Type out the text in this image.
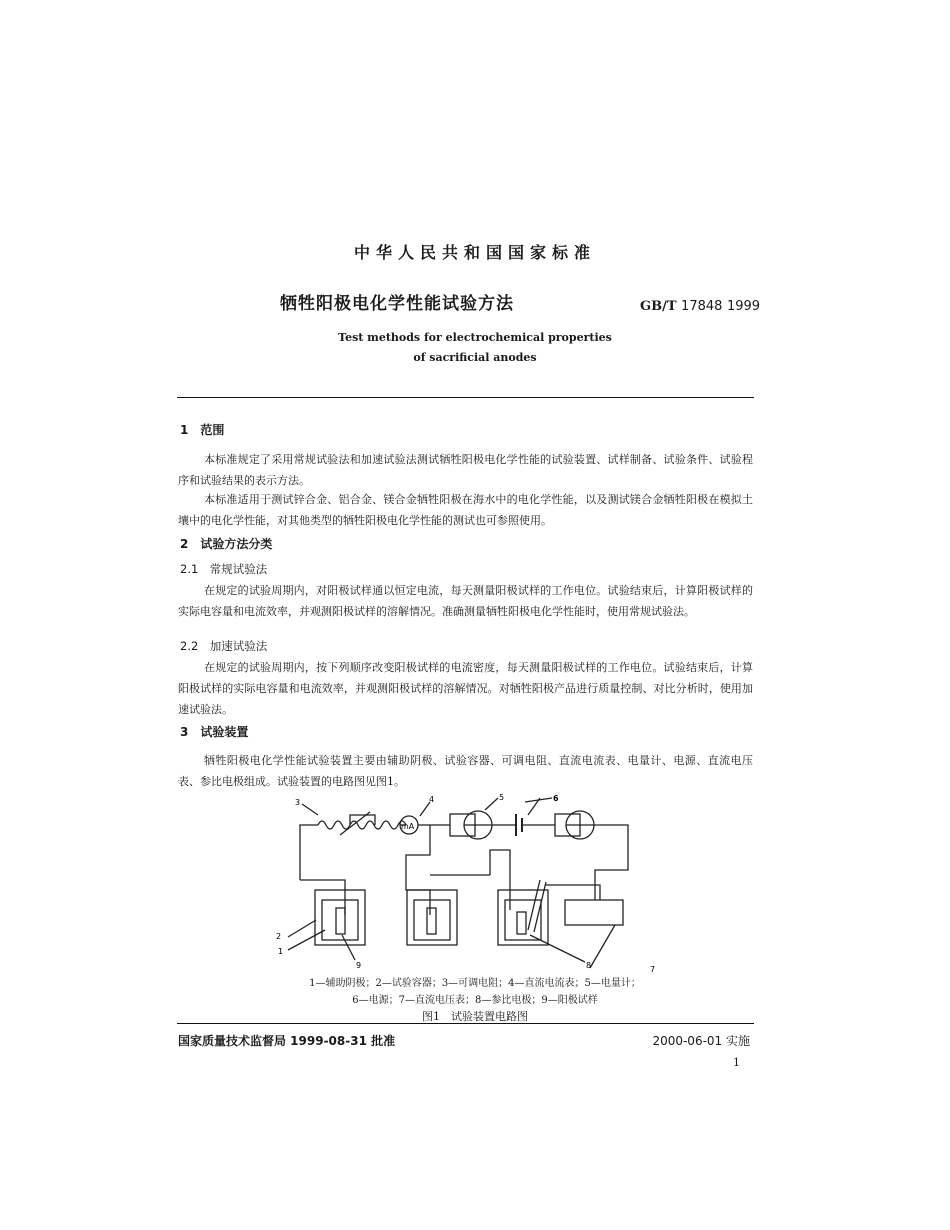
中华人民共和国国家标准
牺牲阳极电化学性能试验方法	GB/T 17848 1999
Test methods for electrochemical properties
of sacrificial anodes
1　范围
本标准规定了采用常规试验法和加速试验法测试牺牲阳极电化学性能的试验装置、试样制备、试验条件、试验程序和试验结果的表示方法。
本标准适用于测试锌合金、铝合金、镁合金牺牲阳极在海水中的电化学性能，以及测试镁合金牺牲阳极在模拟土壤中的电化学性能，对其他类型的牺牲阳极电化学性能的测试也可参照使用。
2　试验方法分类
2.1　常规试验法
在规定的试验周期内，对阳极试样通以恒定电流，每天测量阳极试样的工作电位。试验结束后，计算阳极试样的实际电容量和电流效率，并观测阳极试样的溶解情况。准确测量牺牲阳极电化学性能时，使用常规试验法。
2.2　加速试验法
在规定的试验周期内，按下列顺序改变阳极试样的电流密度，每天测量阳极试样的工作电位。试验结束后，计算阳极试样的实际电容量和电流效率，并观测阳极试样的溶解情况。对牺牲阳极产品进行质量控制、对比分析时，使用加速试验法。
3　试验装置
牺牲阳极电化学性能试验装置主要由辅助阴极、试验容器、可调电阻、直流电流表、电量计、电源、直流电压表、参比电极组成。试验装置的电路图见图1。
mA
3	4	5	6
2
1
9	8	7
1—辅助阴极；2—试验容器；3—可调电阻；4—直流电流表；5—电量计；
6—电源；7—直流电压表；8—参比电极；9—阳极试样
图1　试验装置电路图
国家质量技术监督局 1999-08-31 批准	2000-06-01 实施
1
